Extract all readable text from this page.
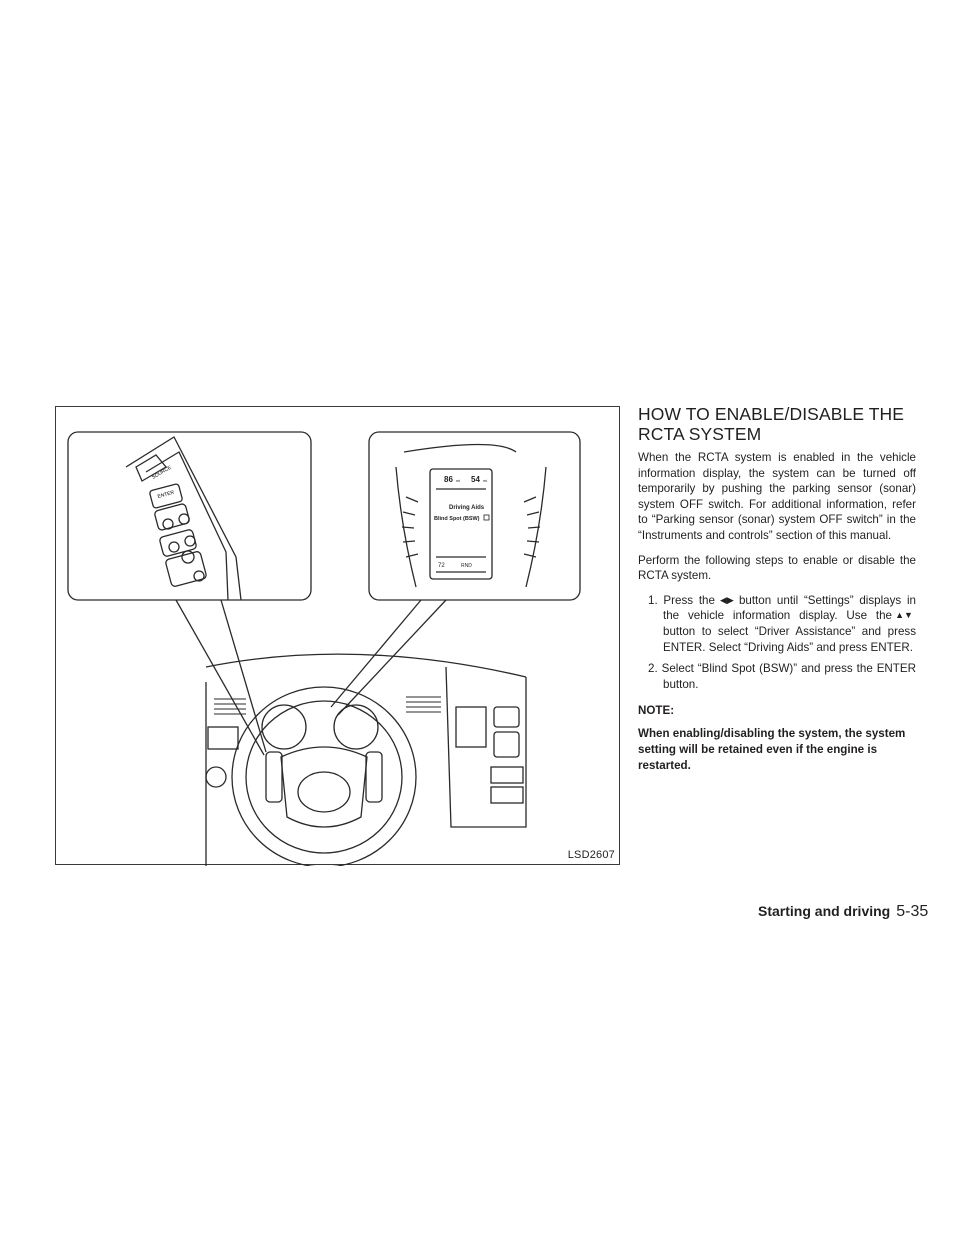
SOURCE
ENTER
86 mi 54 mi
Driving Aids
Blind Spot (BSW)
72	RND
LSD2607
HOW TO ENABLE/DISABLE THE
RCTA SYSTEM

When the RCTA system is enabled in the vehicle information display, the system can be turned off temporarily by pushing the parking sensor (sonar) system OFF switch. For additional information, refer to “Parking sensor (sonar) system OFF switch” in the “Instruments and controls” section of this manual.

Perform the following steps to enable or disable the RCTA system.

1. Press the ◀▶ button until “Settings” displays in the vehicle information display. Use the ▲▼button to select “Driver Assistance” and press ENTER. Select “Driving Aids” and press ENTER.
2. Select “Blind Spot (BSW)” and press the ENTER button.
NOTE:

When enabling/disabling the system, the system setting will be retained even if the engine is restarted.

Starting and driving 5-35
